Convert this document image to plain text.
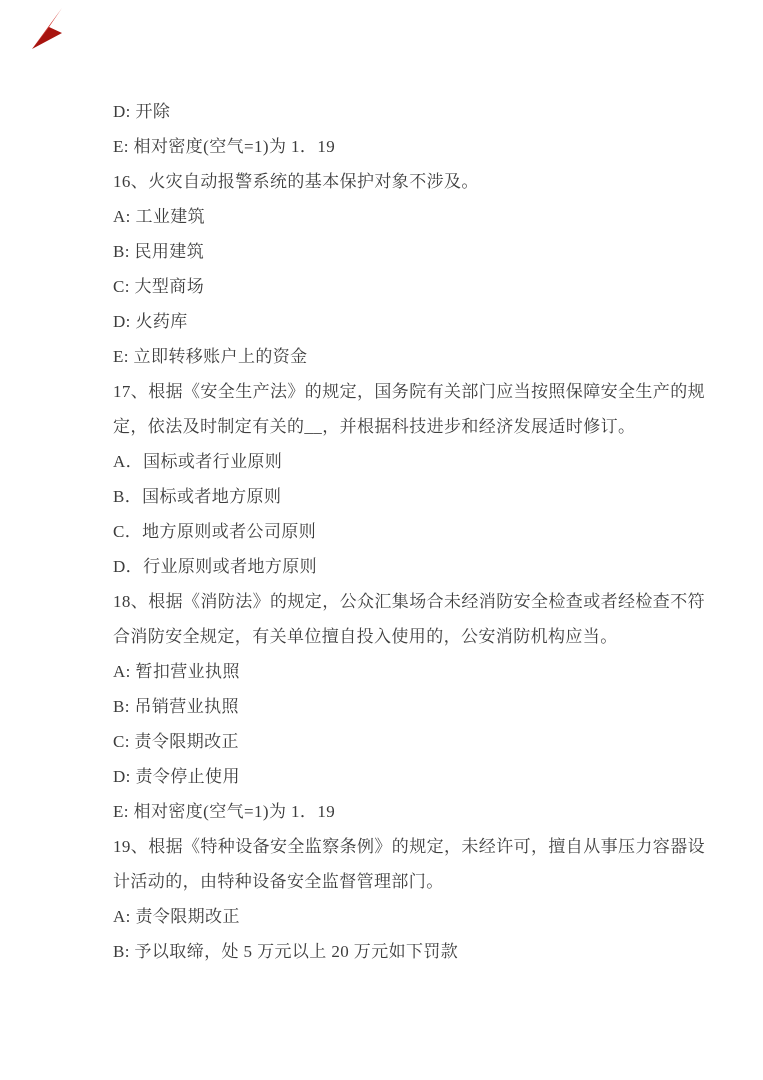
D: 开除
E: 相对密度(空气=1)为 1．19
16、火灾自动报警系统的基本保护对象不涉及。
A: 工业建筑
B: 民用建筑
C: 大型商场
D: 火药库
E: 立即转移账户上的资金
17、根据《安全生产法》的规定，国务院有关部门应当按照保障安全生产的规
定，依法及时制定有关的__，并根据科技进步和经济发展适时修订。
A．国标或者行业原则
B．国标或者地方原则
C．地方原则或者公司原则
D．行业原则或者地方原则
18、根据《消防法》的规定，公众汇集场合未经消防安全检查或者经检查不符
合消防安全规定，有关单位擅自投入使用的，公安消防机构应当。
A: 暂扣营业执照
B: 吊销营业执照
C: 责令限期改正
D: 责令停止使用
E: 相对密度(空气=1)为 1．19
19、根据《特种设备安全监察条例》的规定，未经许可，擅自从事压力容器设
计活动的，由特种设备安全监督管理部门。
A: 责令限期改正
B: 予以取缔，处 5 万元以上 20 万元如下罚款
